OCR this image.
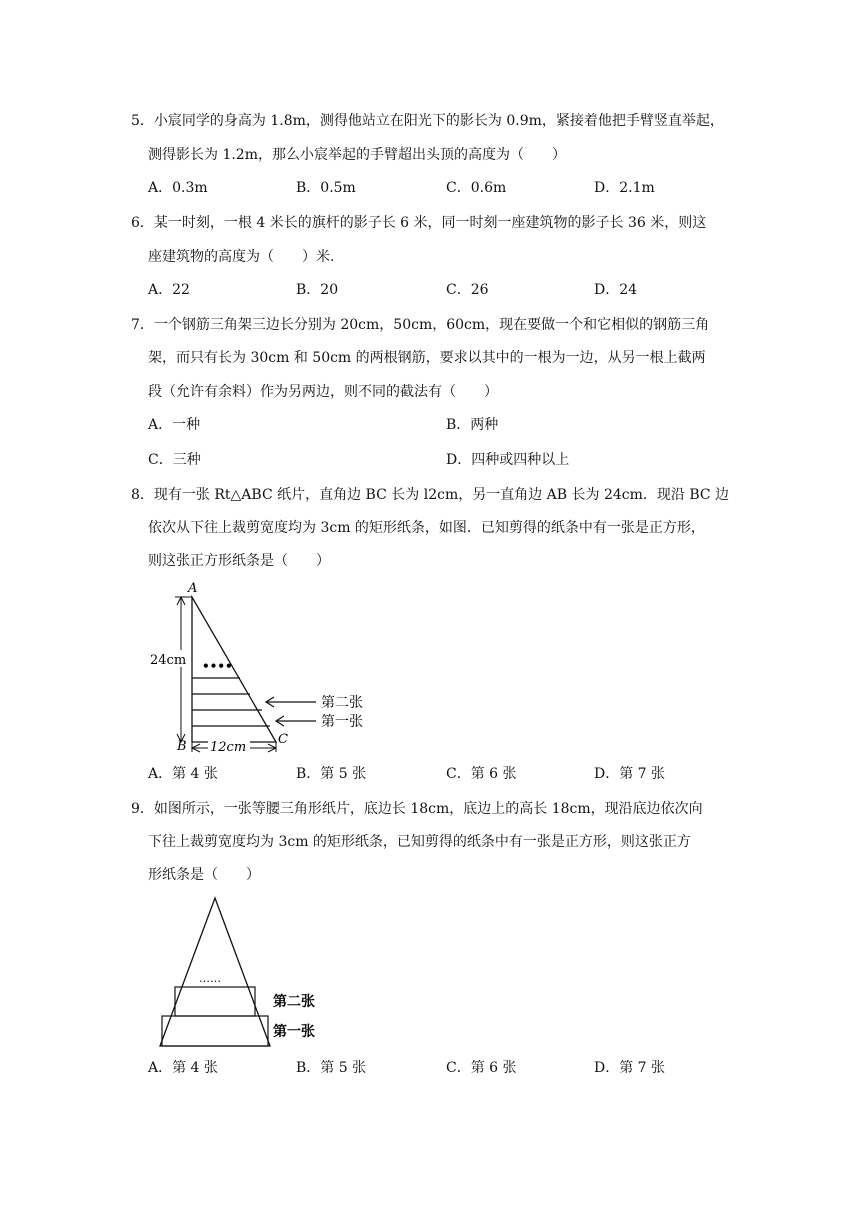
5．小宸同学的身高为 1.8m，测得他站立在阳光下的影长为 0.9m，紧接着他把手臂竖直举起，
测得影长为 1.2m，那么小宸举起的手臂超出头顶的高度为（　　）
A．0.3m	B．0.5m	C．0.6m	D．2.1m
6．某一时刻，一根 4 米长的旗杆的影子长 6 米，同一时刻一座建筑物的影子长 36 米，则这
座建筑物的高度为（　　）米.
A．22	B．20	C．26	D．24
7．一个钢筋三角架三边长分别为 20cm，50cm，60cm，现在要做一个和它相似的钢筋三角
架，而只有长为 30cm 和 50cm 的两根钢筋，要求以其中的一根为一边，从另一根上截两
段（允许有余料）作为另两边，则不同的截法有（　　）
A．一种	B．两种
C．三种	D．四种或四种以上
8．现有一张 Rt△ABC 纸片，直角边 BC 长为 l2cm，另一直角边 AB 长为 24cm．现沿 BC 边
依次从下往上裁剪宽度均为 3cm 的矩形纸条，如图．已知剪得的纸条中有一张是正方形，
则这张正方形纸条是（　　）
24cm
12cm
A
B	C
••••
第二张
第一张
A．第 4 张	B．第 5 张	C．第 6 张	D．第 7 张
9．如图所示，一张等腰三角形纸片，底边长 18cm，底边上的高长 18cm，现沿底边依次向
下往上裁剪宽度均为 3cm 的矩形纸条，已知剪得的纸条中有一张是正方形，则这张正方
形纸条是（　　）
……
第二张
第一张
A．第 4 张	B．第 5 张	C．第 6 张	D．第 7 张
